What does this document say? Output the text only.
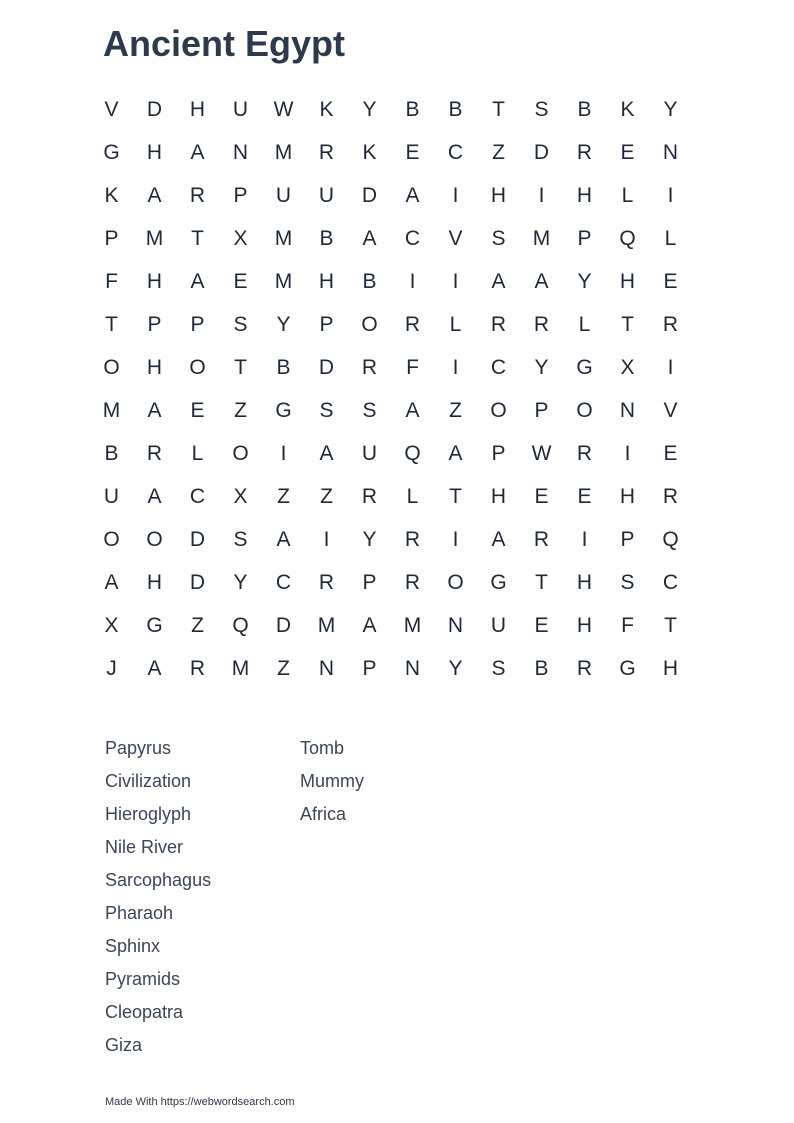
Ancient Egypt
V	D	H	U	W	K	Y	B	B	T	S	B	K	Y
G	H	A	N	M	R	K	E	C	Z	D	R	E	N
K	A	R	P	U	U	D	A	I	H	I	H	L	I
P	M	T	X	M	B	A	C	V	S	M	P	Q	L
F	H	A	E	M	H	B	I	I	A	A	Y	H	E
T	P	P	S	Y	P	O	R	L	R	R	L	T	R
O	H	O	T	B	D	R	F	I	C	Y	G	X	I
M	A	E	Z	G	S	S	A	Z	O	P	O	N	V
B	R	L	O	I	A	U	Q	A	P	W	R	I	E
U	A	C	X	Z	Z	R	L	T	H	E	E	H	R
O	O	D	S	A	I	Y	R	I	A	R	I	P	Q
A	H	D	Y	C	R	P	R	O	G	T	H	S	C
X	G	Z	Q	D	M	A	M	N	U	E	H	F	T
J	A	R	M	Z	N	P	N	Y	S	B	R	G	H
Papyrus
Civilization
Hieroglyph
Nile River
Sarcophagus
Pharaoh
Sphinx
Pyramids
Cleopatra
Giza
Tomb
Mummy
Africa
Made With https://webwordsearch.com
